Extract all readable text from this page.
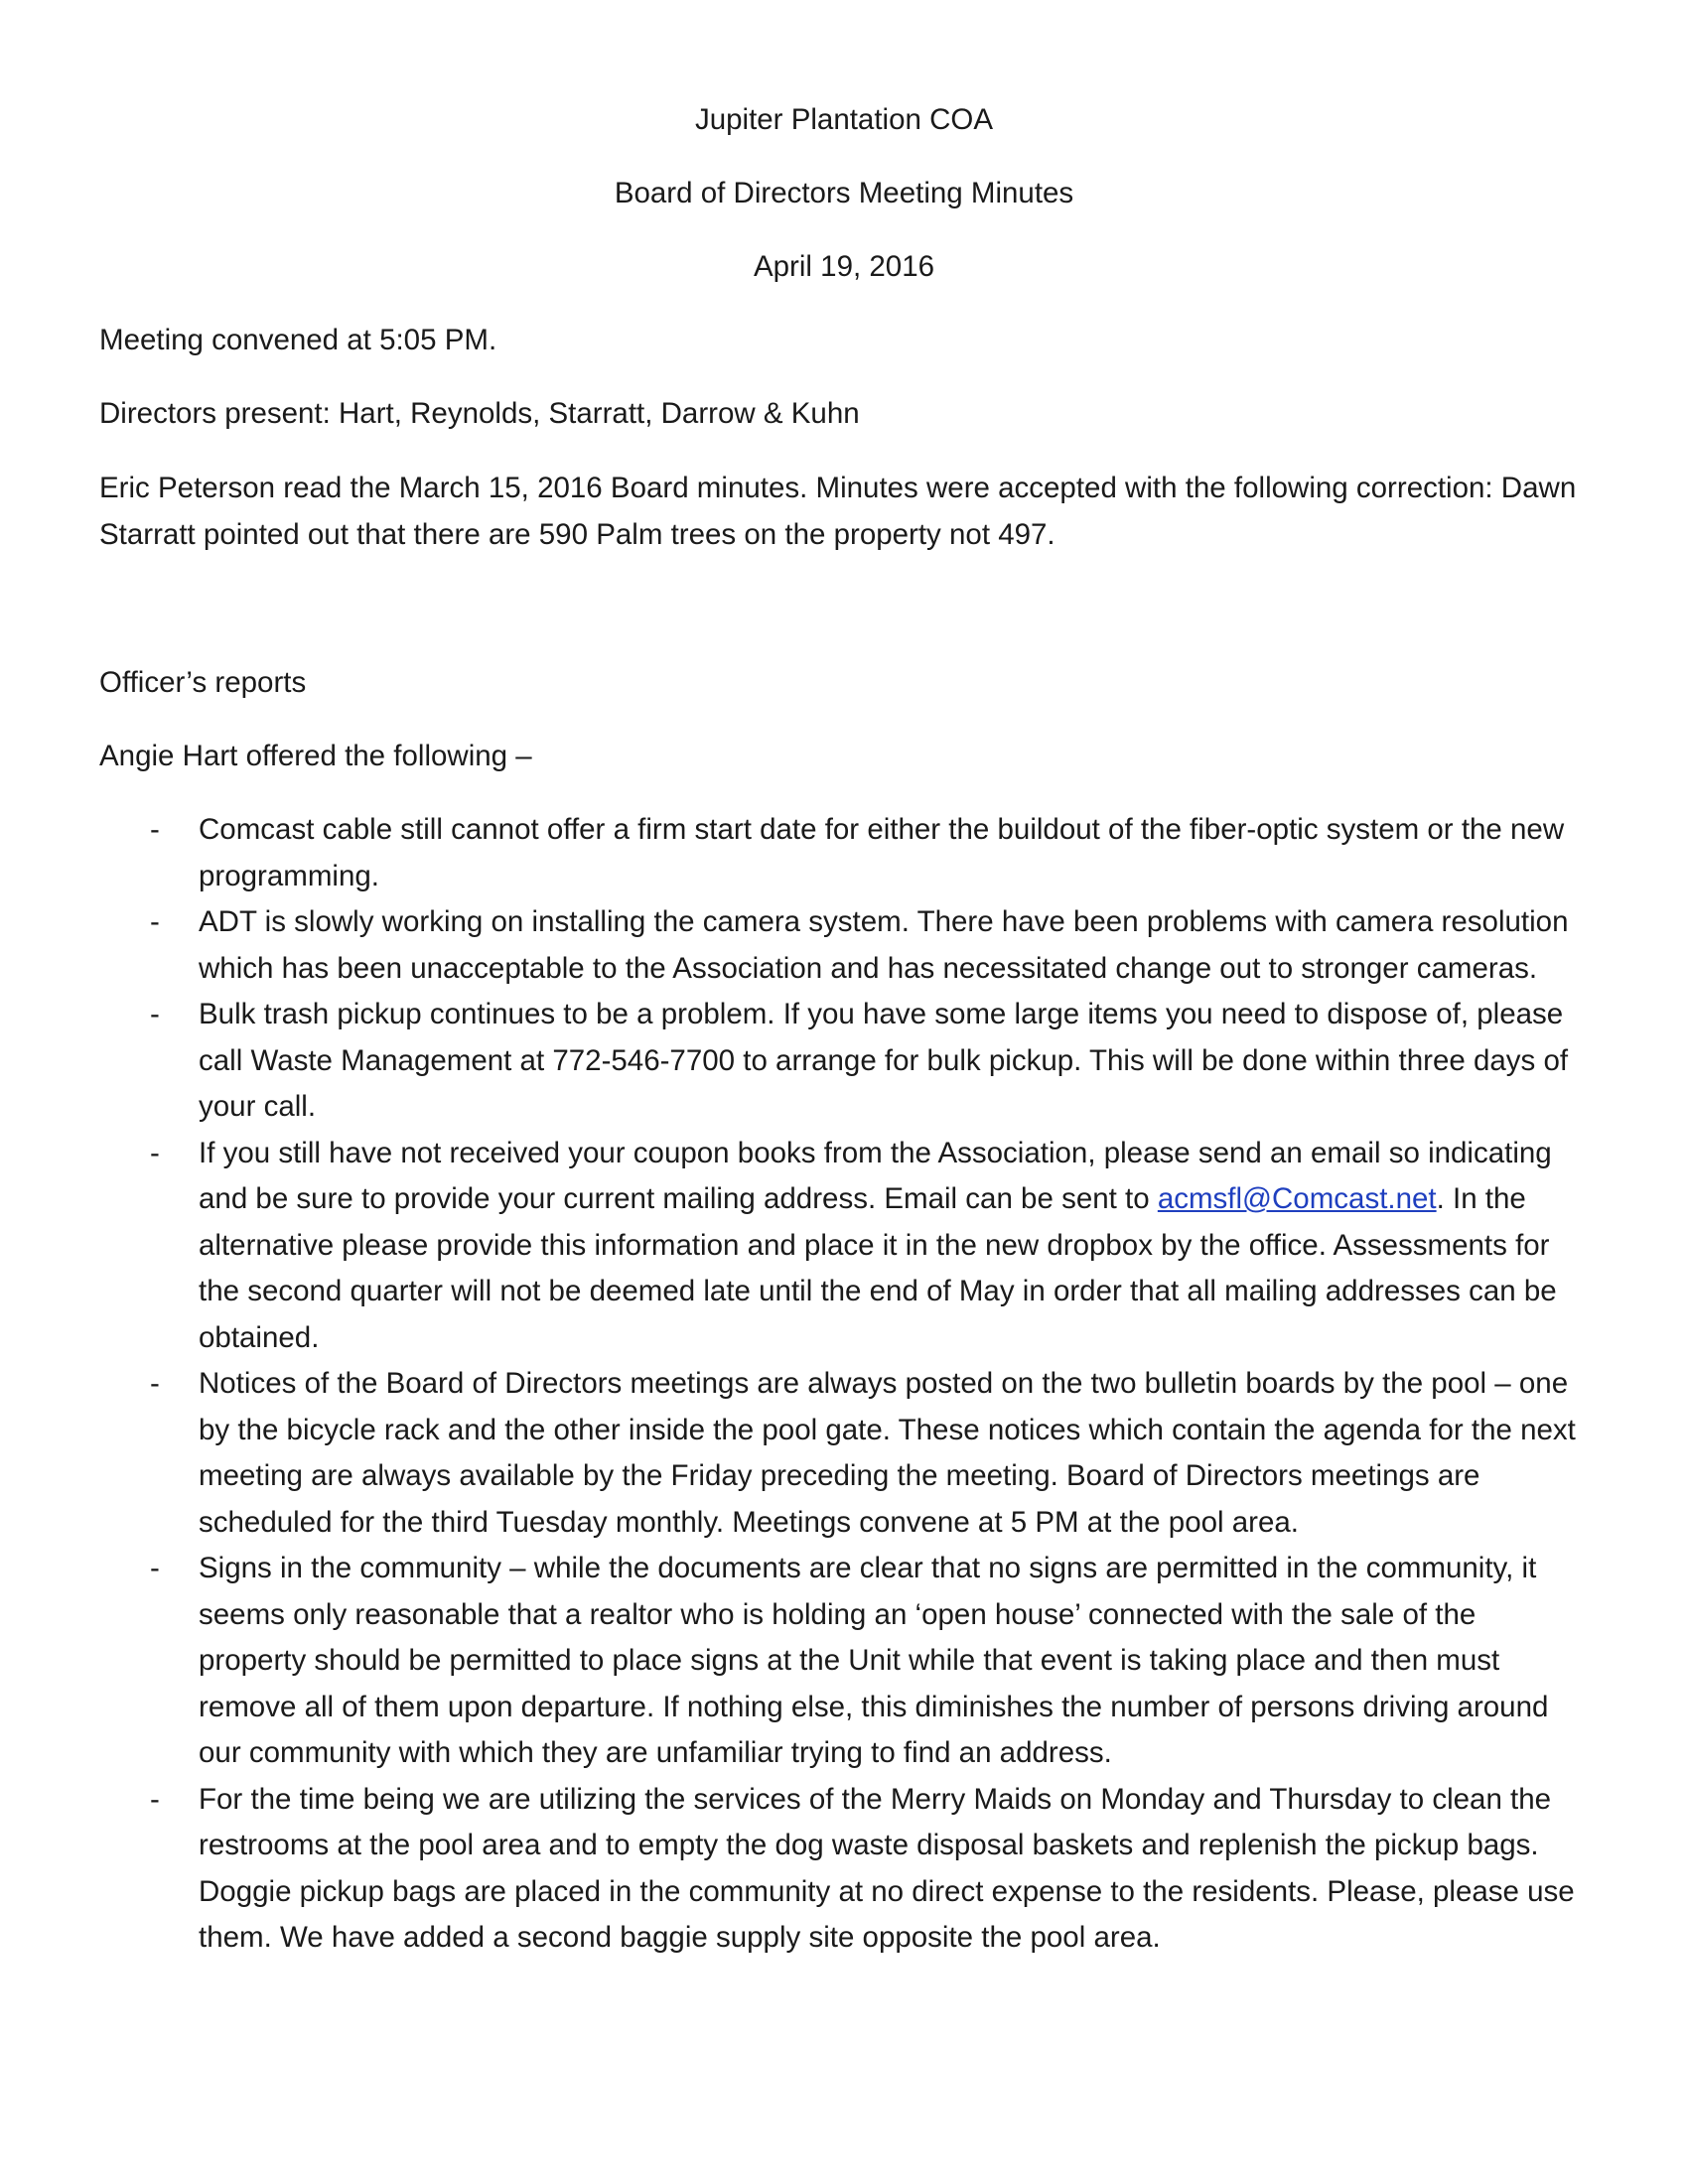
Jupiter Plantation COA

Board of Directors Meeting Minutes

April 19, 2016

Meeting convened at 5:05 PM.

Directors present: Hart, Reynolds, Starratt, Darrow & Kuhn

Eric Peterson read the March 15, 2016 Board minutes. Minutes were accepted with the following correction: Dawn Starratt pointed out that there are 590 Palm trees on the property not 497.

Officer’s reports

Angie Hart offered the following –

- Comcast cable still cannot offer a firm start date for either the buildout of the fiber-optic system or the new programming.
- ADT is slowly working on installing the camera system. There have been problems with camera resolution which has been unacceptable to the Association and has necessitated change out to stronger cameras.
- Bulk trash pickup continues to be a problem. If you have some large items you need to dispose of, please call Waste Management at 772-546-7700 to arrange for bulk pickup. This will be done within three days of your call.
- If you still have not received your coupon books from the Association, please send an email so indicating and be sure to provide your current mailing address. Email can be sent to acmsfl@Comcast.net. In the alternative please provide this information and place it in the new dropbox by the office. Assessments for the second quarter will not be deemed late until the end of May in order that all mailing addresses can be obtained.
- Notices of the Board of Directors meetings are always posted on the two bulletin boards by the pool – one by the bicycle rack and the other inside the pool gate. These notices which contain the agenda for the next meeting are always available by the Friday preceding the meeting. Board of Directors meetings are scheduled for the third Tuesday monthly. Meetings convene at 5 PM at the pool area.
- Signs in the community – while the documents are clear that no signs are permitted in the community, it seems only reasonable that a realtor who is holding an ‘open house’ connected with the sale of the property should be permitted to place signs at the Unit while that event is taking place and then must remove all of them upon departure. If nothing else, this diminishes the number of persons driving around our community with which they are unfamiliar trying to find an address.
- For the time being we are utilizing the services of the Merry Maids on Monday and Thursday to clean the restrooms at the pool area and to empty the dog waste disposal baskets and replenish the pickup bags. Doggie pickup bags are placed in the community at no direct expense to the residents. Please, please use them. We have added a second baggie supply site opposite the pool area.
